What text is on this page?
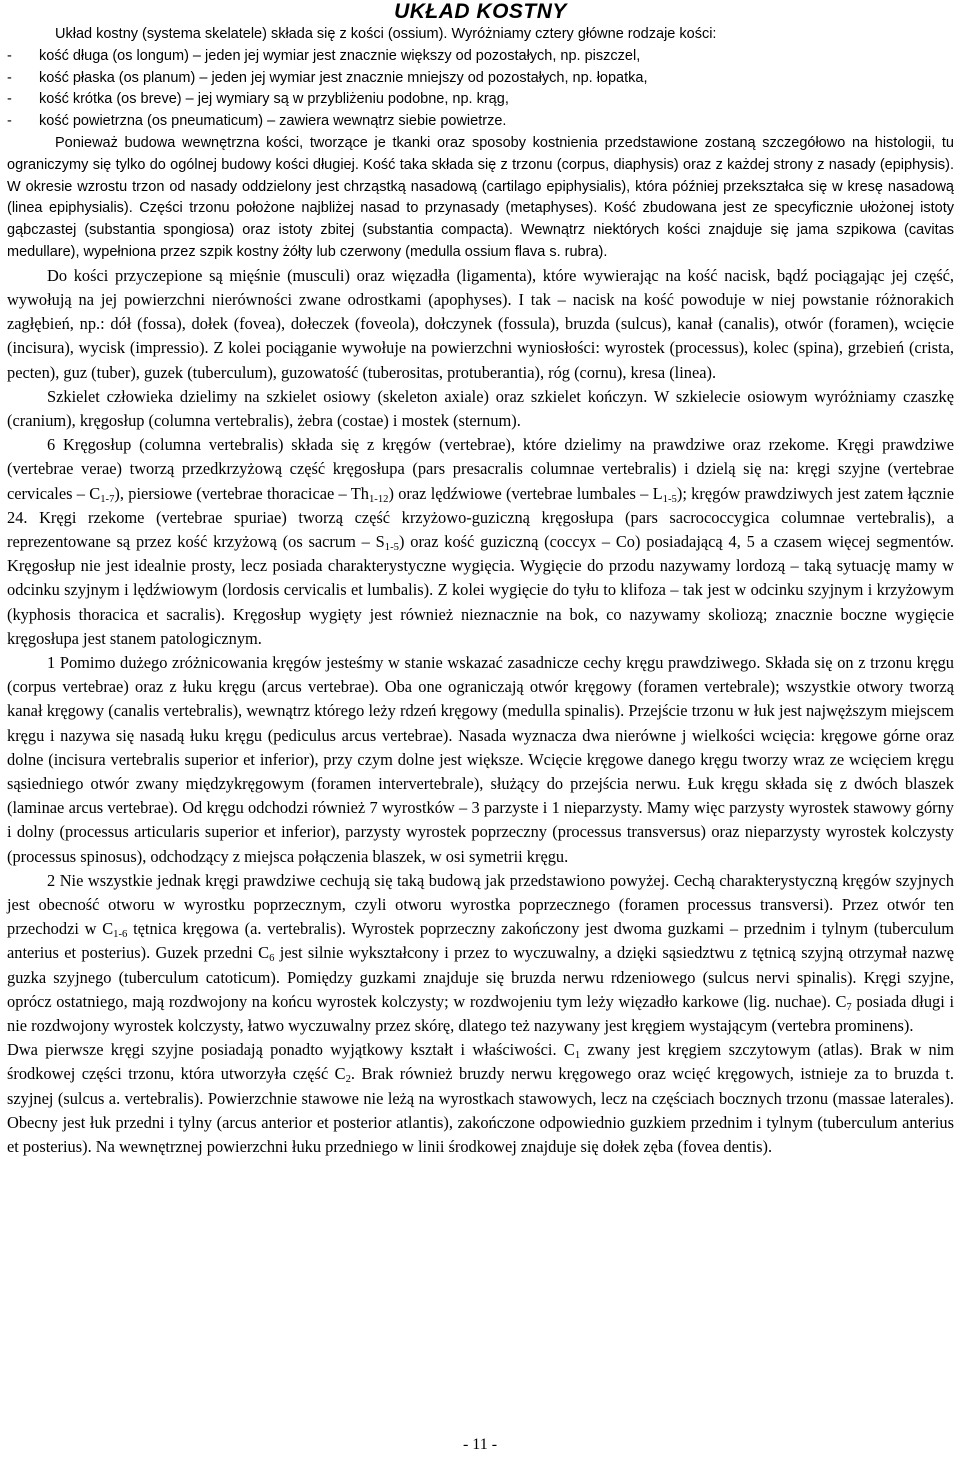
UKŁAD KOSTNY

Układ kostny (systema skelatele) składa się z kości (ossium). Wyróżniamy cztery główne rodzaje kości:

- kość długa (os longum) – jeden jej wymiar jest znacznie większy od pozostałych, np. piszczel,
- kość płaska (os planum) – jeden jej wymiar jest znacznie mniejszy od pozostałych, np. łopatka,
- kość krótka (os breve) – jej wymiary są w przybliżeniu podobne, np. krąg,
- kość powietrzna (os pneumaticum) – zawiera wewnątrz siebie powietrze.

Ponieważ budowa wewnętrzna kości, tworzące je tkanki oraz sposoby kostnienia przedstawione zostaną szczegółowo na histologii, tu ograniczymy się tylko do ogólnej budowy kości długiej. Kość taka składa się z trzonu (corpus, diaphysis) oraz z każdej strony z nasady (epiphysis). W okresie wzrostu trzon od nasady oddzielony jest chrząstką nasadową (cartilago epiphysialis), która później przekształca się w kresę nasadową (linea epiphysialis). Części trzonu położone najbliżej nasad to przynasady (metaphyses). Kość zbudowana jest ze specyficznie ułożonej istoty gąbczastej (substantia spongiosa) oraz istoty zbitej (substantia compacta). Wewnątrz niektórych kości znajduje się jama szpikowa (cavitas medullare), wypełniona przez szpik kostny żółty lub czerwony (medulla ossium flava s. rubra).

Do kości przyczepione są mięśnie (musculi) oraz więzadła (ligamenta), które wywierając na kość nacisk, bądź pociągając jej część, wywołują na jej powierzchni nierówności zwane odrostkami (apophyses). I tak – nacisk na kość powoduje w niej powstanie różnorakich zagłębień, np.: dół (fossa), dołek (fovea), dołeczek (foveola), dołczynek (fossula), bruzda (sulcus), kanał (canalis), otwór (foramen), wcięcie (incisura), wycisk (impressio). Z kolei pociąganie wywołuje na powierzchni wyniosłości: wyrostek (processus), kolec (spina), grzebień (crista, pecten), guz (tuber), guzek (tuberculum), guzowatość (tuberositas, protuberantia), róg (cornu), kresa (linea).

Szkielet człowieka dzielimy na szkielet osiowy (skeleton axiale) oraz szkielet kończyn. W szkielecie osiowym wyróżniamy czaszkę (cranium), kręgosłup (columna vertebralis), żebra (costae) i mostek (sternum).

6 Kręgosłup (columna vertebralis) składa się z kręgów (vertebrae), które dzielimy na prawdziwe oraz rzekome. Kręgi prawdziwe (vertebrae verae) tworzą przedkrzyżową część kręgosłupa (pars presacralis columnae vertebralis) i dzielą się na: kręgi szyjne (vertebrae cervicales – $C_{1-7}$), piersiowe (vertebrae thoracicae – $Th_{1-12}$) oraz lędźwiowe (vertebrae lumbales – $L_{1-5}$); kręgów prawdziwych jest zatem łącznie 24. Kręgi rzekome (vertebrae spuriae) tworzą część krzyżowo-guziczną kręgosłupa (pars sacrococcygica columnae vertebralis), a reprezentowane są przez kość krzyżową (os sacrum – $S_{1-5}$) oraz kość guziczną (coccyx – Co) posiadającą 4, 5 a czasem więcej segmentów. Kręgosłup nie jest idealnie prosty, lecz posiada charakterystyczne wygięcia. Wygięcie do przodu nazywamy lordozą – taką sytuację mamy w odcinku szyjnym i lędźwiowym (lordosis cervicalis et lumbalis). Z kolei wygięcie do tyłu to klifoza – tak jest w odcinku szyjnym i krzyżowym (kyphosis thoracica et sacralis). Kręgosłup wygięty jest również nieznacznie na bok, co nazywamy skoliozą; znacznie boczne wygięcie kręgosłupa jest stanem patologicznym.

1 Pomimo dużego zróżnicowania kręgów jesteśmy w stanie wskazać zasadnicze cechy kręgu prawdziwego. Składa się on z trzonu kręgu (corpus vertebrae) oraz z łuku kręgu (arcus vertebrae). Oba one ograniczają otwór kręgowy (foramen vertebrale); wszystkie otwory tworzą kanał kręgowy (canalis vertebralis), wewnątrz którego leży rdzeń kręgowy (medulla spinalis). Przejście trzonu w łuk jest najwęższym miejscem kręgu i nazywa się nasadą łuku kręgu (pediculus arcus vertebrae). Nasada wyznacza dwa nierówne j wielkości wcięcia: kręgowe górne oraz dolne (incisura vertebralis superior et inferior), przy czym dolne jest większe. Wcięcie kręgowe danego kręgu tworzy wraz ze wcięciem kręgu sąsiedniego otwór zwany międzykręgowym (foramen intervertebrale), służący do przejścia nerwu. Łuk kręgu składa się z dwóch blaszek (laminae arcus vertebrae). Od kręgu odchodzi również 7 wyrostków – 3 parzyste i 1 nieparzysty. Mamy więc parzysty wyrostek stawowy górny i dolny (processus articularis superior et inferior), parzysty wyrostek poprzeczny (processus transversus) oraz nieparzysty wyrostek kolczysty (processus spinosus), odchodzący z miejsca połączenia blaszek, w osi symetrii kręgu.

2 Nie wszystkie jednak kręgi prawdziwe cechują się taką budową jak przedstawiono powyżej. Cechą charakterystyczną kręgów szyjnych jest obecność otworu w wyrostku poprzecznym, czyli otworu wyrostka poprzecznego (foramen processus transversi). Przez otwór ten przechodzi w $C_{1-6}$ tętnica kręgowa (a. vertebralis). Wyrostek poprzeczny zakończony jest dwoma guzkami – przednim i tylnym (tuberculum anterius et posterius). Guzek przedni $C_6$ jest silnie wykształcony i przez to wyczuwalny, a dzięki sąsiedztwu z tętnicą szyjną otrzymał nazwę guzka szyjnego (tuberculum catoticum). Pomiędzy guzkami znajduje się bruzda nerwu rdzeniowego (sulcus nervi spinalis). Kręgi szyjne, oprócz ostatniego, mają rozdwojony na końcu wyrostek kolczysty; w rozdwojeniu tym leży więzadło karkowe (lig. nuchae). $C_7$ posiada długi i nie rozdwojony wyrostek kolczysty, łatwo wyczuwalny przez skórę, dlatego też nazywany jest kręgiem wystającym (vertebra prominens).

Dwa pierwsze kręgi szyjne posiadają ponadto wyjątkowy kształt i właściwości. $C_1$ zwany jest kręgiem szczytowym (atlas). Brak w nim środkowej części trzonu, która utworzyła część $C_2$. Brak również bruzdy nerwu kręgowego oraz wcięć kręgowych, istnieje za to bruzda t. szyjnej (sulcus a. vertebralis). Powierzchnie stawowe nie leżą na wyrostkach stawowych, lecz na częściach bocznych trzonu (massae laterales). Obecny jest łuk przedni i tylny (arcus anterior et posterior atlantis), zakończone odpowiednio guzkiem przednim i tylnym (tuberculum anterius et posterius). Na wewnętrznej powierzchni łuku przedniego w linii środkowej znajduje się dołek zęba (fovea dentis).

- 11 -
